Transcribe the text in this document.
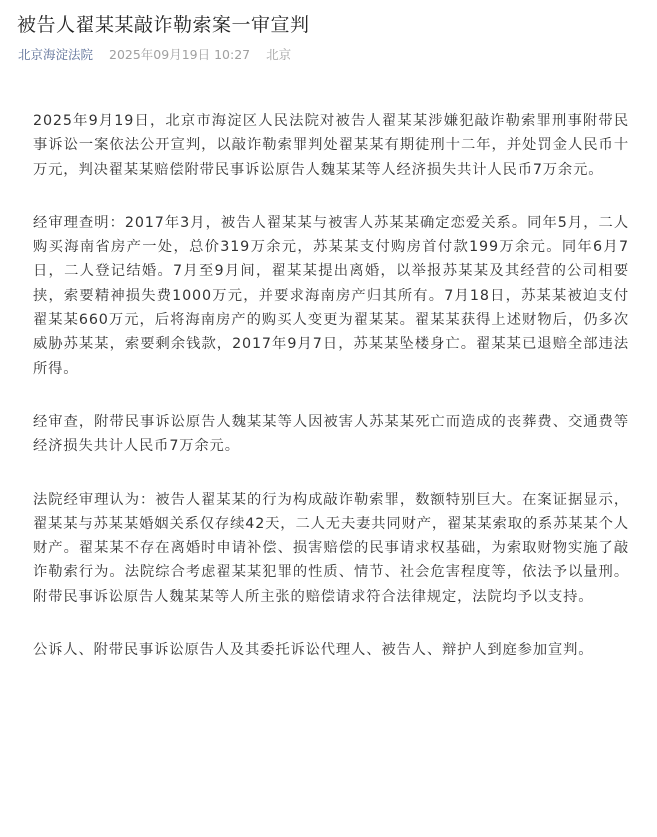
被告人翟某某敲诈勒索案一审宣判
北京海淀法院 2025年09月19日 10:27 北京

2025年9月19日，北京市海淀区人民法院对被告人翟某某涉嫌犯敲诈勒索罪刑事附带民事诉讼一案依法公开宣判，以敲诈勒索罪判处翟某某有期徒刑十二年，并处罚金人民币十万元，判决翟某某赔偿附带民事诉讼原告人魏某某等人经济损失共计人民币7万余元。

经审理查明：2017年3月，被告人翟某某与被害人苏某某确定恋爱关系。同年5月，二人购买海南省房产一处，总价319万余元，苏某某支付购房首付款199万余元。同年6月7日，二人登记结婚。7月至9月间，翟某某提出离婚，以举报苏某某及其经营的公司相要挟，索要精神损失费1000万元，并要求海南房产归其所有。7月18日，苏某某被迫支付翟某某660万元，后将海南房产的购买人变更为翟某某。翟某某获得上述财物后，仍多次威胁苏某某，索要剩余钱款，2017年9月7日，苏某某坠楼身亡。翟某某已退赔全部违法所得。

经审查，附带民事诉讼原告人魏某某等人因被害人苏某某死亡而造成的丧葬费、交通费等经济损失共计人民币7万余元。

法院经审理认为：被告人翟某某的行为构成敲诈勒索罪，数额特别巨大。在案证据显示，翟某某与苏某某婚姻关系仅存续42天，二人无夫妻共同财产，翟某某索取的系苏某某个人财产。翟某某不存在离婚时申请补偿、损害赔偿的民事请求权基础，为索取财物实施了敲诈勒索行为。法院综合考虑翟某某犯罪的性质、情节、社会危害程度等，依法予以量刑。附带民事诉讼原告人魏某某等人所主张的赔偿请求符合法律规定，法院均予以支持。

公诉人、附带民事诉讼原告人及其委托诉讼代理人、被告人、辩护人到庭参加宣判。
